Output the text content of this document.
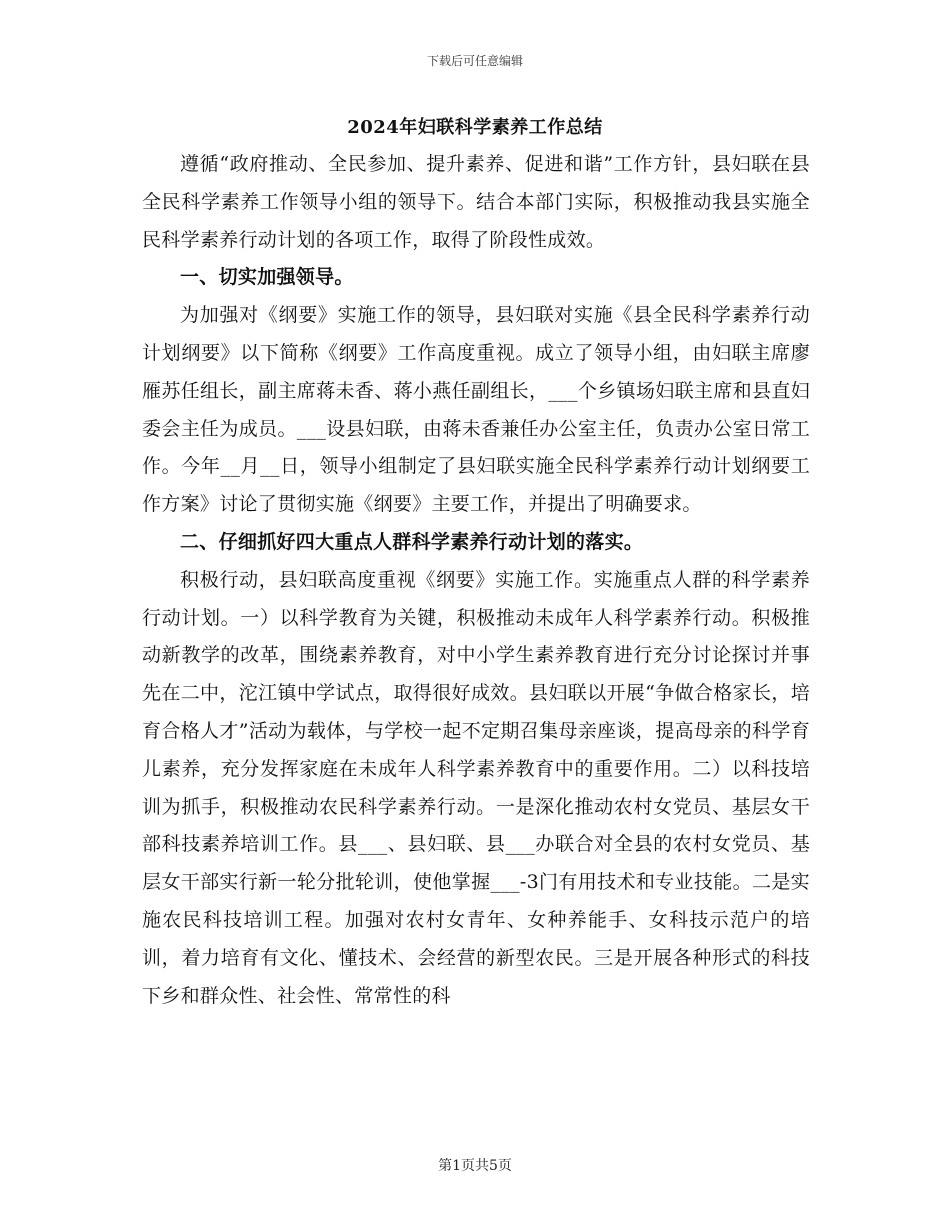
下载后可任意编辑
2024年妇联科学素养工作总结

遵循“政府推动、全民参加、提升素养、促进和谐”工作方针，县妇联在县全民科学素养工作领导小组的领导下。结合本部门实际，积极推动我县实施全民科学素养行动计划的各项工作，取得了阶段性成效。

一、切实加强领导。

为加强对《纲要》实施工作的领导，县妇联对实施《县全民科学素养行动计划纲要》以下简称《纲要》工作高度重视。成立了领导小组，由妇联主席廖雁苏任组长，副主席蒋未香、蒋小燕任副组长，___个乡镇场妇联主席和县直妇委会主任为成员。___设县妇联，由蒋未香兼任办公室主任，负责办公室日常工作。今年__月__日，领导小组制定了县妇联实施全民科学素养行动计划纲要工作方案》讨论了贯彻实施《纲要》主要工作，并提出了明确要求。

二、仔细抓好四大重点人群科学素养行动计划的落实。

积极行动，县妇联高度重视《纲要》实施工作。实施重点人群的科学素养行动计划。一）以科学教育为关键，积极推动未成年人科学素养行动。积极推动新教学的改革，围绕素养教育，对中小学生素养教育进行充分讨论探讨并事先在二中，沱江镇中学试点，取得很好成效。县妇联以开展“争做合格家长，培育合格人才”活动为载体，与学校一起不定期召集母亲座谈，提高母亲的科学育儿素养，充分发挥家庭在未成年人科学素养教育中的重要作用。二）以科技培训为抓手，积极推动农民科学素养行动。一是深化推动农村女党员、基层女干部科技素养培训工作。县___、县妇联、县___办联合对全县的农村女党员、基层女干部实行新一轮分批轮训，使他掌握___-3门有用技术和专业技能。二是实施农民科技培训工程。加强对农村女青年、女种养能手、女科技示范户的培训，着力培育有文化、懂技术、会经营的新型农民。三是开展各种形式的科技下乡和群众性、社会性、常常性的科

第1页共5页
